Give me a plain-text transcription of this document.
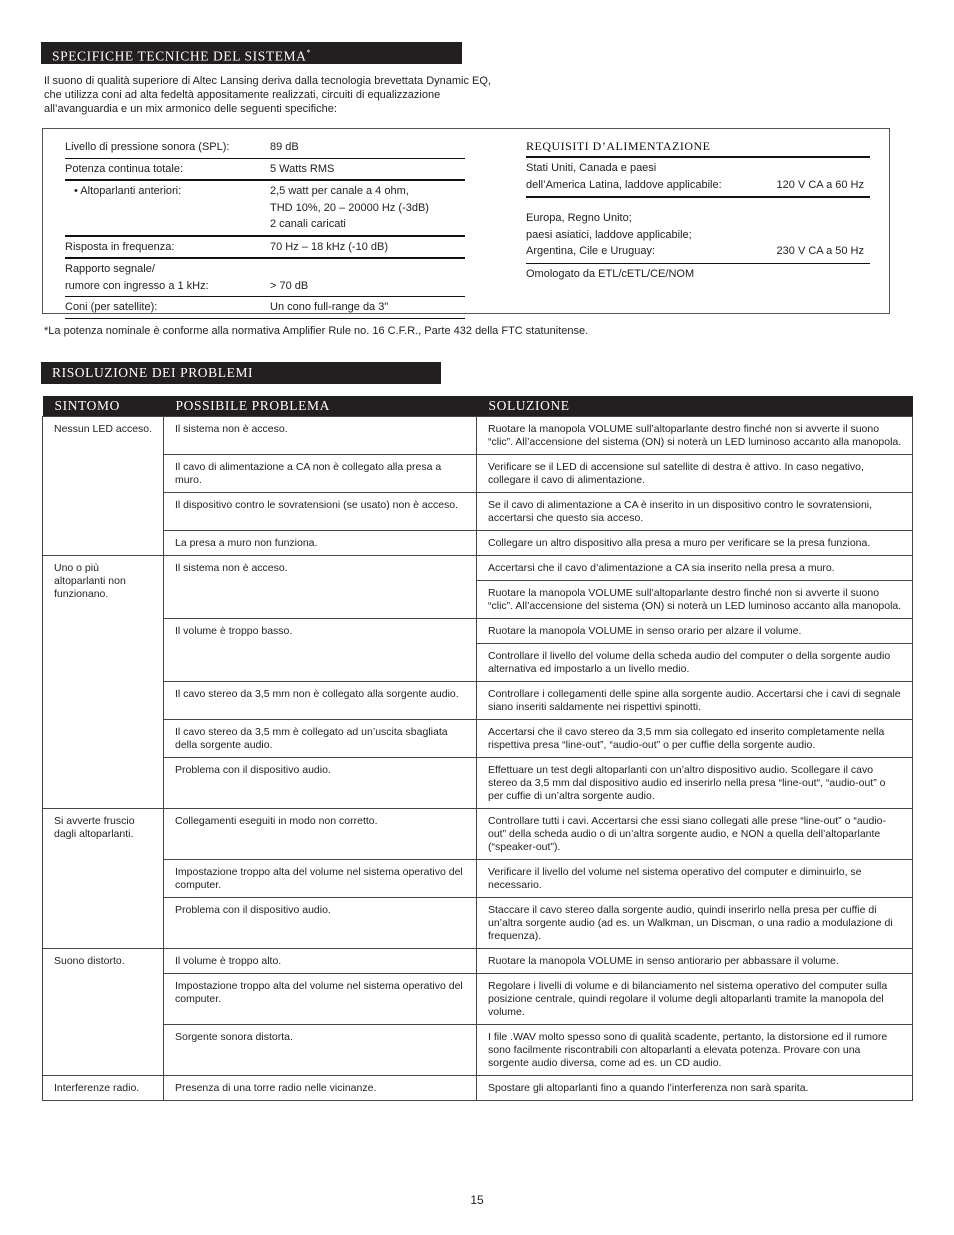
SPECIFICHE TECNICHE DEL SISTEMA*
Il suono di qualità superiore di Altec Lansing deriva dalla tecnologia brevettata Dynamic EQ, che utilizza coni ad alta fedeltà appositamente realizzati, circuiti di equalizzazione all’avanguardia e un mix armonico delle seguenti specifiche:
Livello di pressione sonora (SPL):	89 dB
Potenza continua totale:	5 Watts RMS
• Altoparlanti anteriori:	2,5 watt per canale a 4 ohm,
THD 10%, 20 – 20000 Hz (-3dB)
2 canali caricati

Risposta in frequenza:	70 Hz – 18 kHz (-10 dB)

Rapporto segnale/
rumore con ingresso a 1 kHz:	> 70 dB
Coni (per satellite):	Un cono full-range da 3"
REQUISITI D’ALIMENTAZIONE
Stati Uniti, Canada e paesi
dell’America Latina, laddove applicabile:	120 V CA a 60 Hz
Europa, Regno Unito;
paesi asiatici, laddove applicabile;
Argentina, Cile e Uruguay:	230 V CA a 50 Hz
Omologato da ETL/cETL/CE/NOM
*La potenza nominale è conforme alla normativa Amplifier Rule no. 16 C.F.R., Parte 432 della FTC statunitense.
RISOLUZIONE DEI PROBLEMI
SINTOMO	POSSIBILE PROBLEMA	SOLUZIONE
Nessun LED acceso.	Il sistema non è acceso.	Ruotare la manopola VOLUME sull’altoparlante destro finché non si avverte il suono “clic”. All’accensione del sistema (ON) si noterà un LED luminoso accanto alla manopola.
	Il cavo di alimentazione a CA non è collegato alla presa a muro.	Verificare se il LED di accensione sul satellite di destra è attivo. In caso negativo, collegare il cavo di alimentazione.
	Il dispositivo contro le sovratensioni (se usato) non è acceso.	Se il cavo di alimentazione a CA è inserito in un dispositivo contro le sovratensioni, accertarsi che questo sia acceso.
	La presa a muro non funziona.	Collegare un altro dispositivo alla presa a muro per verificare se la presa funziona.
Uno o più altoparlanti non funzionano.	Il sistema non è acceso.	Accertarsi che il cavo d’alimentazione a CA sia inserito nella presa a muro.
		Ruotare la manopola VOLUME sull’altoparlante destro finché non si avverte il suono “clic”. All’accensione del sistema (ON) si noterà un LED luminoso accanto alla manopola.
	Il volume è troppo basso.	Ruotare la manopola VOLUME in senso orario per alzare il volume.
		Controllare il livello del volume della scheda audio del computer o della sorgente audio alternativa ed impostarlo a un livello medio.
	Il cavo stereo da 3,5 mm non è collegato alla sorgente audio.	Controllare i collegamenti delle spine alla sorgente audio. Accertarsi che i cavi di segnale siano inseriti saldamente nei rispettivi spinotti.
	Il cavo stereo da 3,5 mm è collegato ad un’uscita sbagliata della sorgente audio.	Accertarsi che il cavo stereo da 3,5 mm sia collegato ed inserito completamente nella rispettiva presa “line-out”, “audio-out” o per cuffie della sorgente audio.
	Problema con il dispositivo audio.	Effettuare un test degli altoparlanti con un’altro dispositivo audio. Scollegare il cavo stereo da 3,5 mm dal dispositivo audio ed inserirlo nella presa “line-out“, “audio-out” o per cuffie di un’altra sorgente audio.
Si avverte fruscio dagli altoparlanti.	Collegamenti eseguiti in modo non corretto.	Controllare tutti i cavi. Accertarsi che essi siano collegati alle prese “line-out” o “audio-out” della scheda audio o di un’altra sorgente audio, e NON a quella dell’altoparlante (“speaker-out”).
	Impostazione troppo alta del volume nel sistema operativo del computer.	Verificare il livello del volume nel sistema operativo del computer e diminuirlo, se necessario.
	Problema con il dispositivo audio.	Staccare il cavo stereo dalla sorgente audio, quindi inserirlo nella presa per cuffie di un’altra sorgente audio (ad es. un Walkman, un Discman, o una radio a modulazione di frequenza).
Suono distorto.	Il volume è troppo alto.	Ruotare la manopola VOLUME in senso antiorario per abbassare il volume.
	Impostazione troppo alta del volume nel sistema operativo del computer.	Regolare i livelli di volume e di bilanciamento nel sistema operativo del computer sulla posizione centrale, quindi regolare il volume degli altoparlanti tramite la manopola del volume.
	Sorgente sonora distorta.	I file .WAV molto spesso sono di qualità scadente, pertanto, la distorsione ed il rumore sono facilmente riscontrabili con altoparlanti a elevata potenza. Provare con una sorgente audio diversa, come ad es. un CD audio.
Interferenze radio.	Presenza di una torre radio nelle vicinanze.	Spostare gli altoparlanti fino a quando l’interferenza non sarà sparita.
15
